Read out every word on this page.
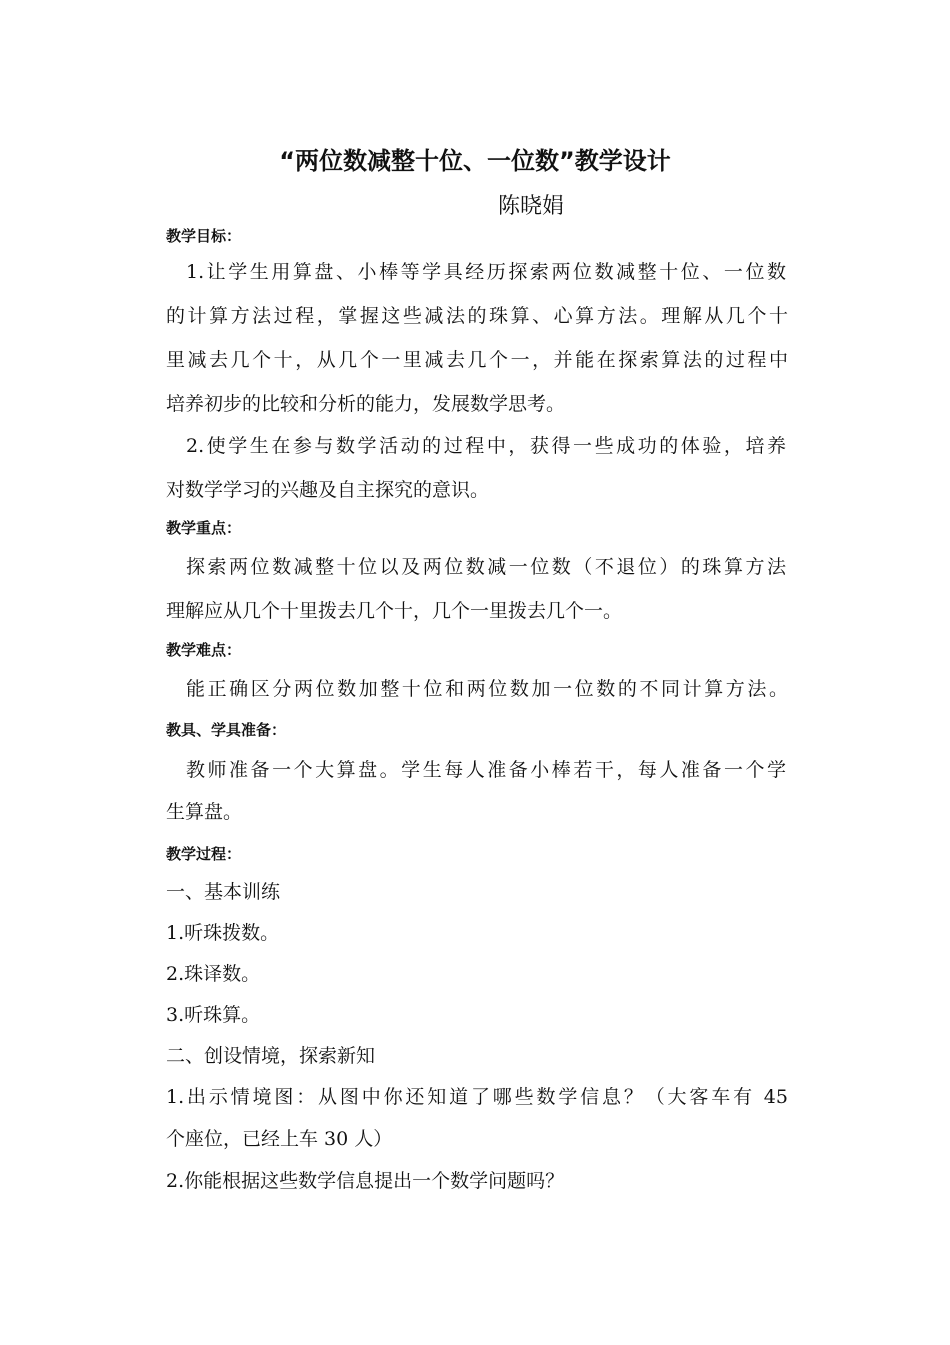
“两位数减整十位、一位数”教学设计
陈晓娟
教学目标：
1.让学生用算盘、小棒等学具经历探索两位数减整十位、一位数
的计算方法过程，掌握这些减法的珠算、心算方法。理解从几个十
里减去几个十，从几个一里减去几个一，并能在探索算法的过程中
培养初步的比较和分析的能力，发展数学思考。
2.使学生在参与数学活动的过程中，获得一些成功的体验，培养
对数学学习的兴趣及自主探究的意识。
教学重点：
探索两位数减整十位以及两位数减一位数（不退位）的珠算方法
理解应从几个十里拨去几个十，几个一里拨去几个一。
教学难点：
能正确区分两位数加整十位和两位数加一位数的不同计算方法。
教具、学具准备：
教师准备一个大算盘。学生每人准备小棒若干，每人准备一个学
生算盘。
教学过程：
一、基本训练
1.听珠拨数。
2.珠译数。
3.听珠算。
二、创设情境，探索新知
1.出示情境图：从图中你还知道了哪些数学信息？（大客车有 45
个座位，已经上车 30 人）
2.你能根据这些数学信息提出一个数学问题吗？
